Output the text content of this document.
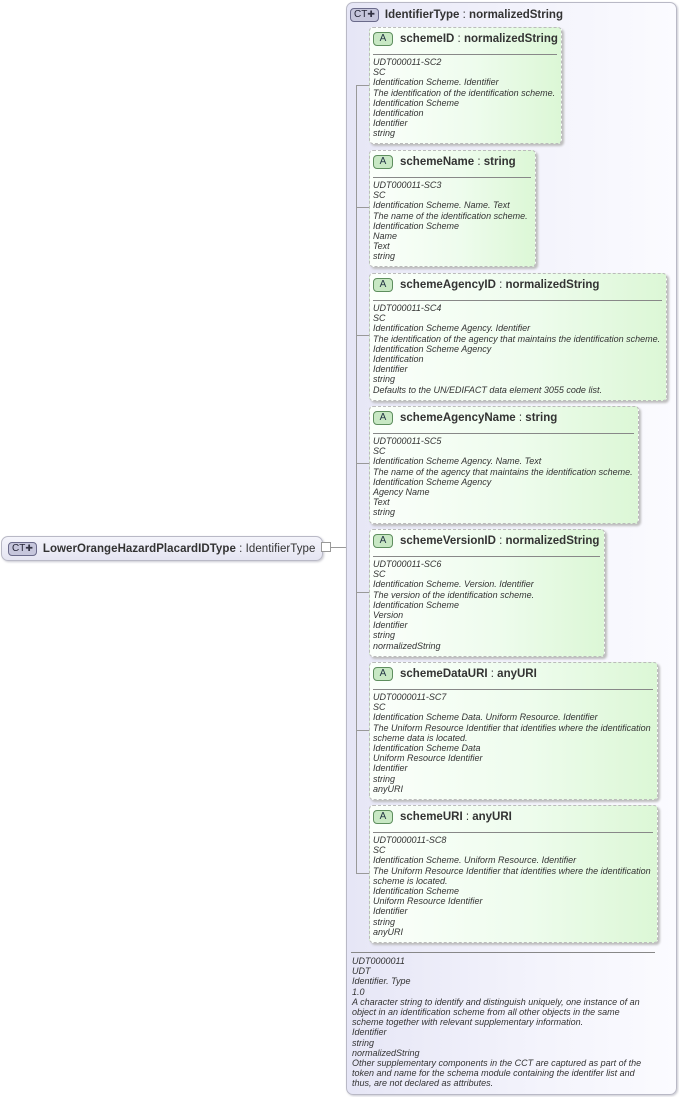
CT✚ LowerOrangeHazardPlacardIDType : IdentifierType
CT✚ IdentifierType : normalizedString
A	schemeID : normalizedString
UDT000011-SC2
SC
Identification Scheme. Identifier
The identification of the identification scheme.
Identification Scheme
Identification
Identifier
string
A	schemeName : string
UDT000011-SC3
SC
Identification Scheme. Name. Text
The name of the identification scheme.
Identification Scheme
Name
Text
string
A	schemeAgencyID : normalizedString
UDT000011-SC4
SC
Identification Scheme Agency. Identifier
The identification of the agency that maintains the identification scheme.
Identification Scheme Agency
Identification
Identifier
string
Defaults to the UN/EDIFACT data element 3055 code list.
A	schemeAgencyName : string
UDT000011-SC5
SC
Identification Scheme Agency. Name. Text
The name of the agency that maintains the identification scheme.
Identification Scheme Agency
Agency Name
Text
string
A	schemeVersionID : normalizedString
UDT000011-SC6
SC
Identification Scheme. Version. Identifier
The version of the identification scheme.
Identification Scheme
Version
Identifier
string
normalizedString
A	schemeDataURI : anyURI
UDT0000011-SC7
SC
Identification Scheme Data. Uniform Resource. Identifier
The Uniform Resource Identifier that identifies where the identification
scheme data is located.
Identification Scheme Data
Uniform Resource Identifier
Identifier
string
anyURI
A	schemeURI : anyURI
UDT0000011-SC8
SC
Identification Scheme. Uniform Resource. Identifier
The Uniform Resource Identifier that identifies where the identification
scheme is located.
Identification Scheme
Uniform Resource Identifier
Identifier
string
anyURI
UDT0000011
UDT
Identifier. Type
1.0
A character string to identify and distinguish uniquely, one instance of an
object in an identification scheme from all other objects in the same
scheme together with relevant supplementary information.
Identifier
string
normalizedString
Other supplementary components in the CCT are captured as part of the
token and name for the schema module containing the identifer list and
thus, are not declared as attributes.
